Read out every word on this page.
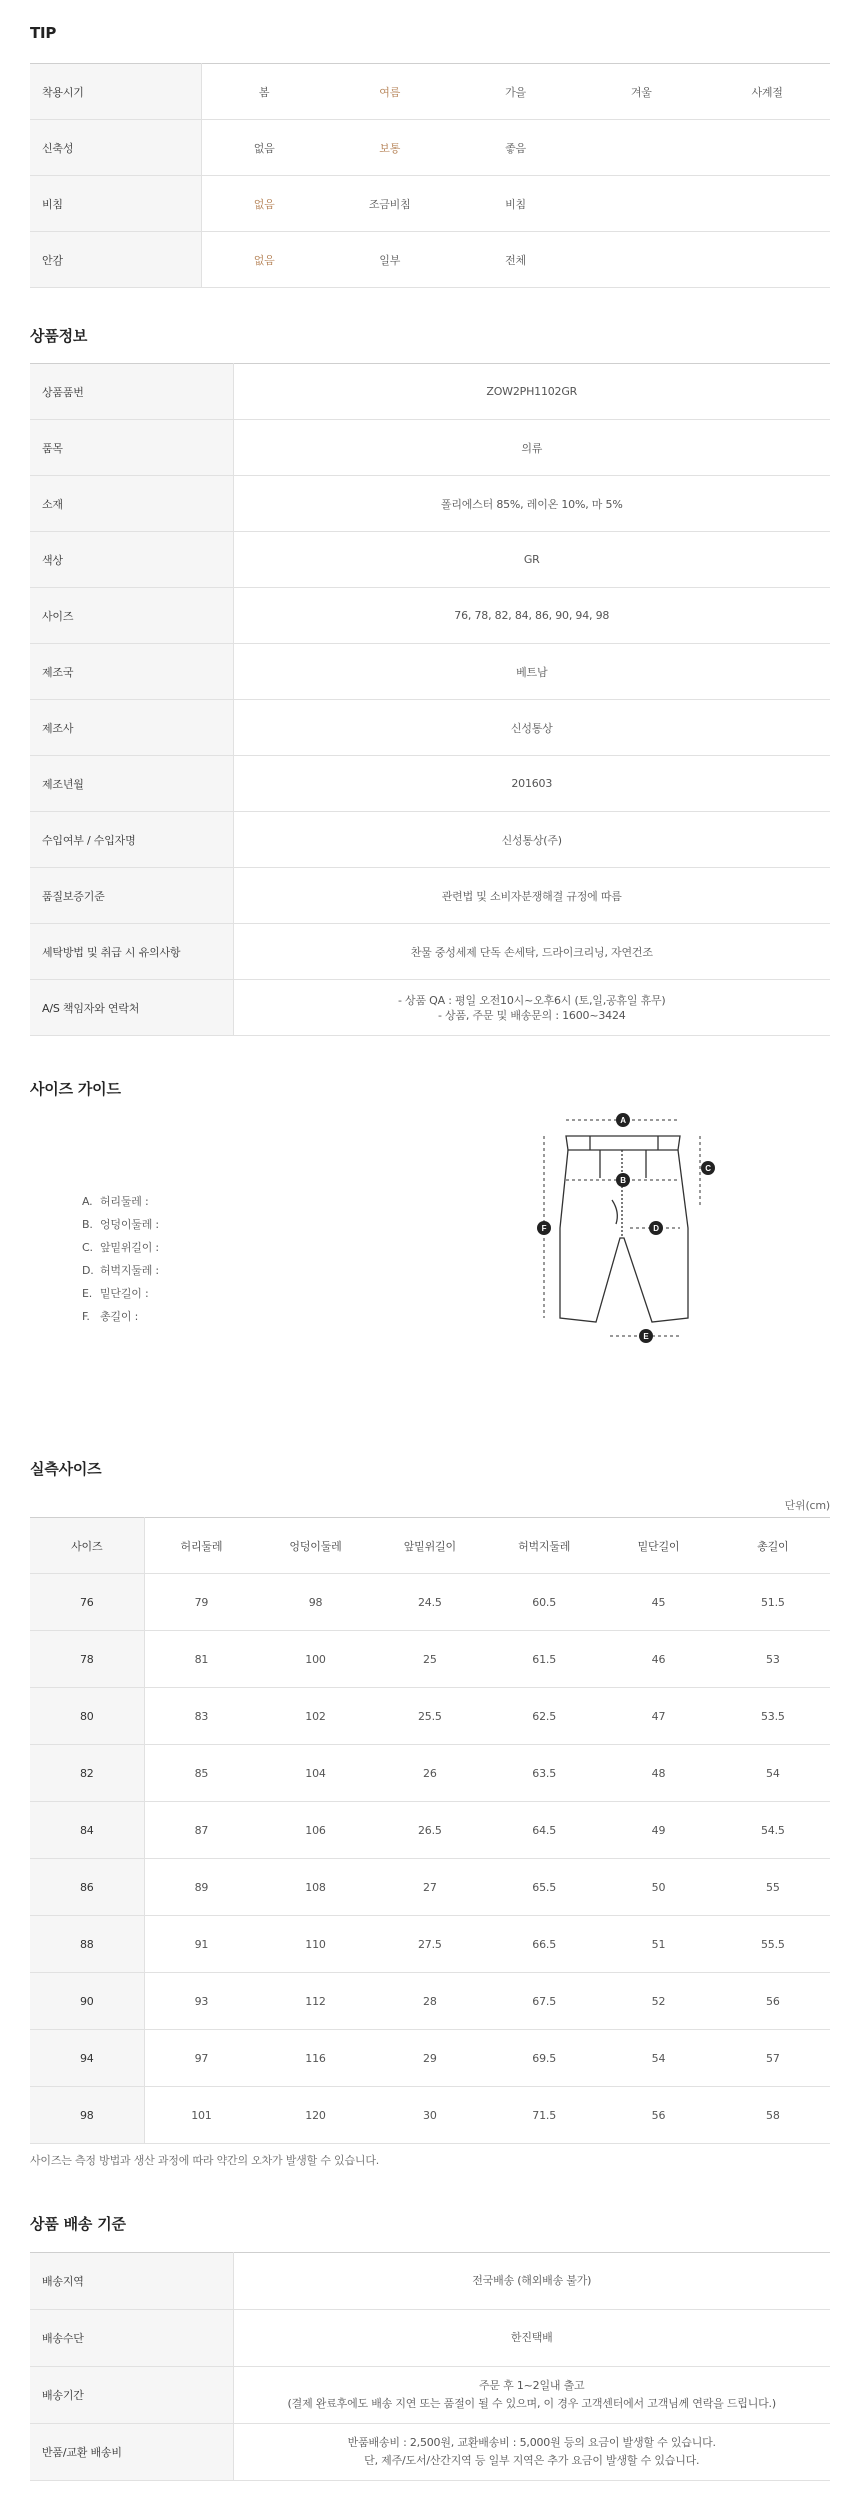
TIP
착용시기	봄	여름	가을	겨울	사계절
신축성	없음	보통	좋음		
비침	없음	조금비침	비침		
안감	없음	일부	전체		
상품정보
상품품번	ZOW2PH1102GR
품목	의류
소재	폴리에스터 85%, 레이온 10%, 마 5%
색상	GR
사이즈	76, 78, 82, 84, 86, 90, 94, 98
제조국	베트남
제조사	신성통상
제조년월	201603
수입여부 / 수입자명	신성통상(주)
품질보증기준	관련법 및 소비자분쟁해결 규정에 따름
세탁방법 및 취급 시 유의사항	찬물 중성세제 단독 손세탁, 드라이크리닝, 자연건조
A/S 책임자와 연락처	- 상품 QA : 평일 오전10시~오후6시 (토,일,공휴일 휴무)
- 상품, 주문 및 배송문의 : 1600~3424
사이즈 가이드
A. 허리둘레 :
B. 엉덩이둘레 :
C. 앞밑위길이 :
D. 허벅지둘레 :
E. 밑단길이 :
F. 총길이 :
A
B
C
D
E
F
실측사이즈
단위(cm)
사이즈	허리둘레	엉덩이둘레	앞밑위길이	허벅지둘레	밑단길이	총길이
76	79	98	24.5	60.5	45	51.5
78	81	100	25	61.5	46	53
80	83	102	25.5	62.5	47	53.5
82	85	104	26	63.5	48	54
84	87	106	26.5	64.5	49	54.5
86	89	108	27	65.5	50	55
88	91	110	27.5	66.5	51	55.5
90	93	112	28	67.5	52	56
94	97	116	29	69.5	54	57
98	101	120	30	71.5	56	58
사이즈는 측정 방법과 생산 과정에 따라 약간의 오차가 발생할 수 있습니다.
상품 배송 기준
배송지역	전국배송 (해외배송 불가)

배송수단	한진택배

배송기간	주문 후 1~2일내 출고
(결제 완료후에도 배송 지연 또는 품절이 될 수 있으며, 이 경우 고객센터에서 고객님께 연락을 드립니다.)

반품/교환 배송비	반품배송비 : 2,500원, 교환배송비 : 5,000원 등의 요금이 발생할 수 있습니다.
단, 제주/도서/산간지역 등 일부 지역은 추가 요금이 발생할 수 있습니다.
